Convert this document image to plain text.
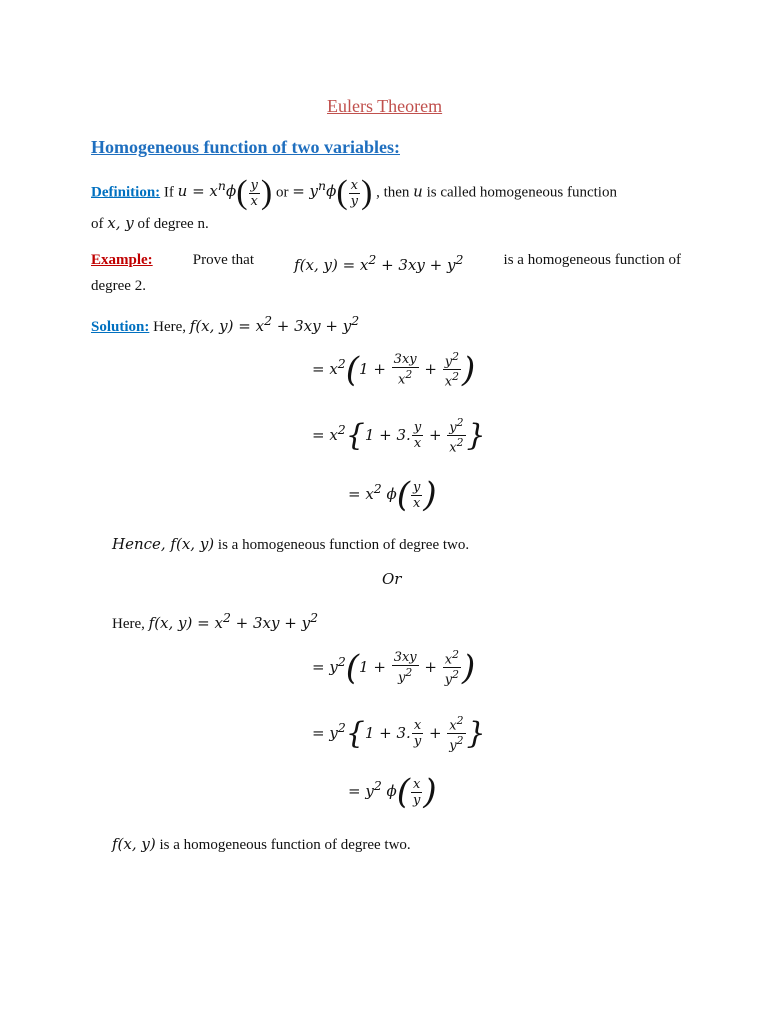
Eulers Theorem
Homogeneous function of two variables:
Definition: If $u = x^n\phi( \frac{y}{x}$ ) or = $y^n\phi( \frac{x}{y}$ ) , then u is called homogeneous function
of x, y of degree n.
Example:	Prove that	f(x, $y) = x^2 + 3xy + y^2$	is a homogeneous function of
degree 2.
Solution: Here, f(x, $y) = x^2 + 3xy + y^2$
= $x^2(1 + \frac{3xy}{x^2} + \frac{y^2}{x^2}$ )
= $x^2\{1 + 3$. $\frac{y}{x} + \frac{y^2}{x^2}$ }
= $x^2$ $\phi( \frac{y}{x}$ )
Hence, f(x, y) is a homogeneous function of degree two.
Or
Here, f(x, $y) = x^2 + 3xy + y^2$
= $y^2(1 + \frac{3xy}{y^2} + \frac{x^2}{y^2}$ )
= $y^2\{1 + 3$. $\frac{x}{y} + \frac{x^2}{y^2}$ }
= $y^2$ $\phi( \frac{x}{y}$ )
f(x, y) is a homogeneous function of degree two.
